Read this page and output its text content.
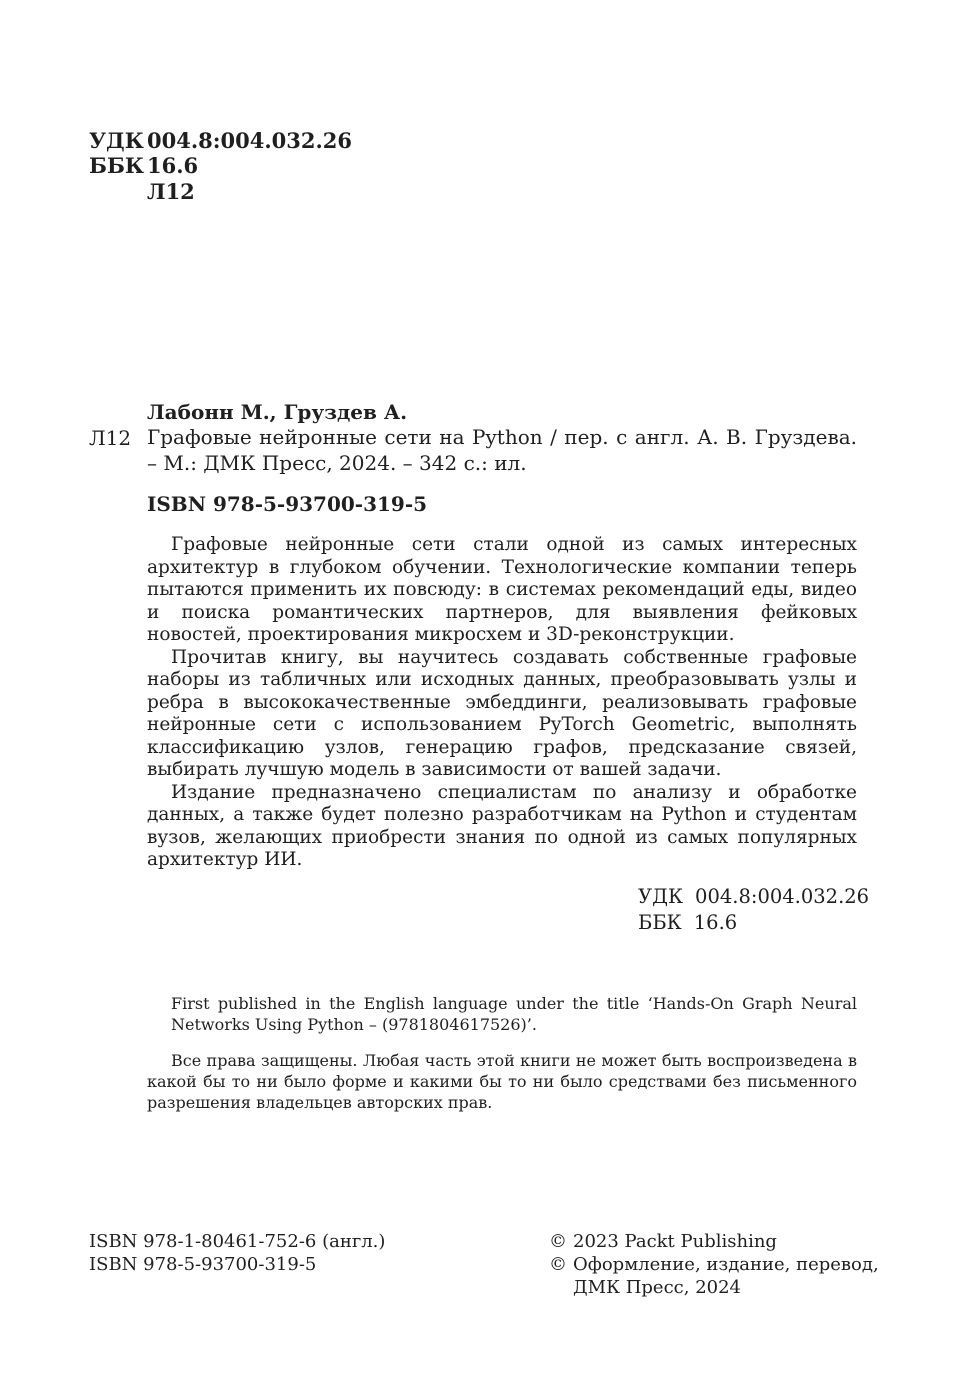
УДК 004.8:004.032.26
ББК 16.6
Л12
Лабонн М., Груздев А.
Л12 Графовые нейронные сети на Python / пер. с англ. А. В. Груздева. – М.: ДМК Пресс, 2024. – 342 с.: ил.
ISBN 978-5-93700-319-5

Графовые нейронные сети стали одной из самых интересных архитектур в глубоком обучении. Технологические компании теперь пытаются применить их повсюду: в системах рекомендаций еды, видео и поиска романтических партнеров, для выявления фейковых новостей, проектирования микросхем и 3D-реконструкции.

Прочитав книгу, вы научитесь создавать собственные графовые наборы из табличных или исходных данных, преобразовывать узлы и ребра в высококачественные эмбеддинги, реализовывать графовые нейронные сети с использованием PyTorch Geometric, выполнять классификацию узлов, генерацию графов, предсказание связей, выбирать лучшую модель в зависимости от вашей задачи.

Издание предназначено специалистам по анализу и обработке данных, а также будет полезно разработчикам на Python и студентам вузов, желающих приобрести знания по одной из самых популярных архитектур ИИ.

УДК 004.8:004.032.26
ББК 16.6

First published in the English language under the title ‘Hands-On Graph Neural Networks Using Python – (9781804617526)’.

Все права защищены. Любая часть этой книги не может быть воспроизведена в какой бы то ни было форме и какими бы то ни было средствами без письменного разрешения владельцев авторских прав.

ISBN 978-1-80461-752-6 (англ.)
ISBN 978-5-93700-319-5
© 2023 Packt Publishing
© Оформление, издание, перевод,
ДМК Пресс, 2024
